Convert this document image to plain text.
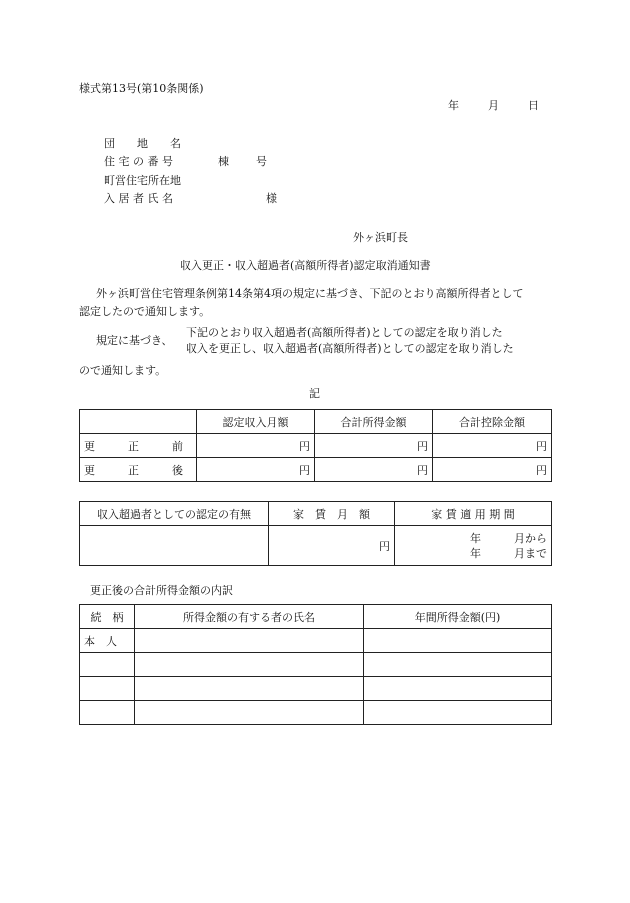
様式第13号(第10条関係)
年	月	日
団　　地　　名
住 宅 の 番 号	棟 号
町営住宅所在地
入 居 者 氏 名	様
外ヶ浜町長
収入更正・収入超過者(高額所得者)認定取消通知書
外ヶ浜町営住宅管理条例第14条第4項の規定に基づき、下記のとおり高額所得者として
認定したので通知します。
規定に基づき、
下記のとおり収入超過者(高額所得者)としての認定を取り消した
収入を更正し、収入超過者(高額所得者)としての認定を取り消した
ので通知します。
記
	認定収入月額	合計所得金額	合計控除金額
更　　　正　　　前	円	円	円
更　　　正　　　後	円	円	円
収入超過者としての認定の有無	家　賃　月　額	家 賃 適 用 期 間
	円	年　　　月から
年　　　月まで
更正後の合計所得金額の内訳
続　柄	所得金額の有する者の氏名	年間所得金額(円)
本　人		
